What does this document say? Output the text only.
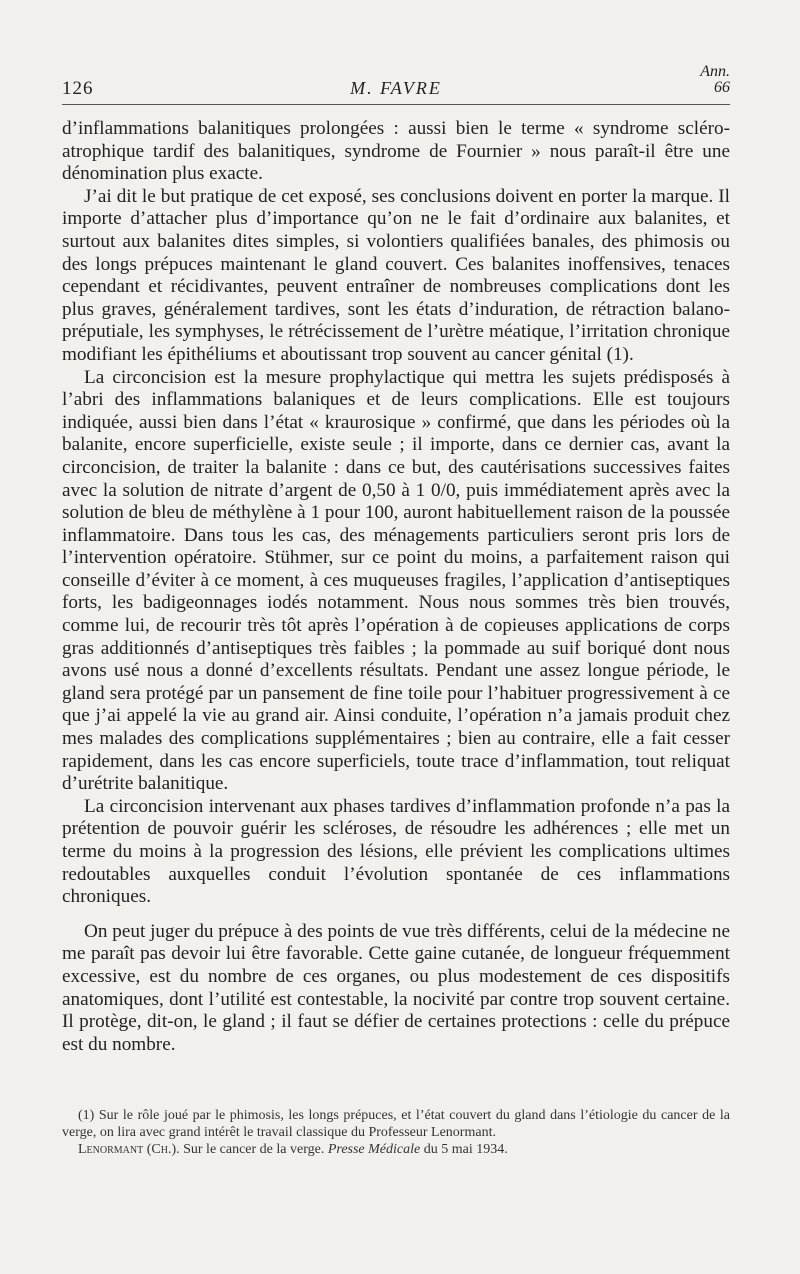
126	M. FAVRE
Ann.
66

d’inflammations balanitiques prolongées : aussi bien le terme « syndrome scléro-atrophique tardif des balanitiques, syndrome de Fournier » nous paraît-il être une dénomination plus exacte.

J’ai dit le but pratique de cet exposé, ses conclusions doivent en porter la marque. Il importe d’attacher plus d’importance qu’on ne le fait d’ordinaire aux balanites, et surtout aux balanites dites simples, si volontiers qualifiées banales, des phimosis ou des longs prépuces maintenant le gland couvert. Ces balanites inoffensives, tenaces cependant et récidivantes, peuvent entraîner de nombreuses complications dont les plus graves, généralement tardives, sont les états d’induration, de rétraction balano-préputiale, les symphyses, le rétrécissement de l’urètre méatique, l’irritation chronique modifiant les épithéliums et aboutissant trop souvent au cancer génital (1).

La circoncision est la mesure prophylactique qui mettra les sujets prédisposés à l’abri des inflammations balaniques et de leurs complications. Elle est toujours indiquée, aussi bien dans l’état « kraurosique » confirmé, que dans les périodes où la balanite, encore superficielle, existe seule ; il importe, dans ce dernier cas, avant la circoncision, de traiter la balanite : dans ce but, des cautérisations successives faites avec la solution de nitrate d’argent de 0,50 à 1 0/0, puis immédiatement après avec la solution de bleu de méthylène à 1 pour 100, auront habituellement raison de la poussée inflammatoire. Dans tous les cas, des ménagements particuliers seront pris lors de l’intervention opératoire. Stühmer, sur ce point du moins, a parfaitement raison qui conseille d’éviter à ce moment, à ces muqueuses fragiles, l’application d’antiseptiques forts, les badigeonnages iodés notamment. Nous nous sommes très bien trouvés, comme lui, de recourir très tôt après l’opération à de copieuses applications de corps gras additionnés d’antiseptiques très faibles ; la pommade au suif boriqué dont nous avons usé nous a donné d’excellents résultats. Pendant une assez longue période, le gland sera protégé par un pansement de fine toile pour l’habituer progressivement à ce que j’ai appelé la vie au grand air. Ainsi conduite, l’opération n’a jamais produit chez mes malades des complications supplémentaires ; bien au contraire, elle a fait cesser rapidement, dans les cas encore superficiels, toute trace d’inflammation, tout reliquat d’urétrite balanitique.

La circoncision intervenant aux phases tardives d’inflammation profonde n’a pas la prétention de pouvoir guérir les scléroses, de résoudre les adhérences ; elle met un terme du moins à la progression des lésions, elle prévient les complications ultimes redoutables auxquelles conduit l’évolution spontanée de ces inflammations chroniques.

On peut juger du prépuce à des points de vue très différents, celui de la médecine ne me paraît pas devoir lui être favorable. Cette gaine cutanée, de longueur fréquemment excessive, est du nombre de ces organes, ou plus modestement de ces dispositifs anatomiques, dont l’utilité est contestable, la nocivité par contre trop souvent certaine. Il protège, dit-on, le gland ; il faut se défier de certaines protections : celle du prépuce est du nombre.

(1) Sur le rôle joué par le phimosis, les longs prépuces, et l’état couvert du gland dans l’étiologie du cancer de la verge, on lira avec grand intérêt le travail classique du Professeur Lenormant.

Lenormant (Ch.). Sur le cancer de la verge. Presse Médicale du 5 mai 1934.
